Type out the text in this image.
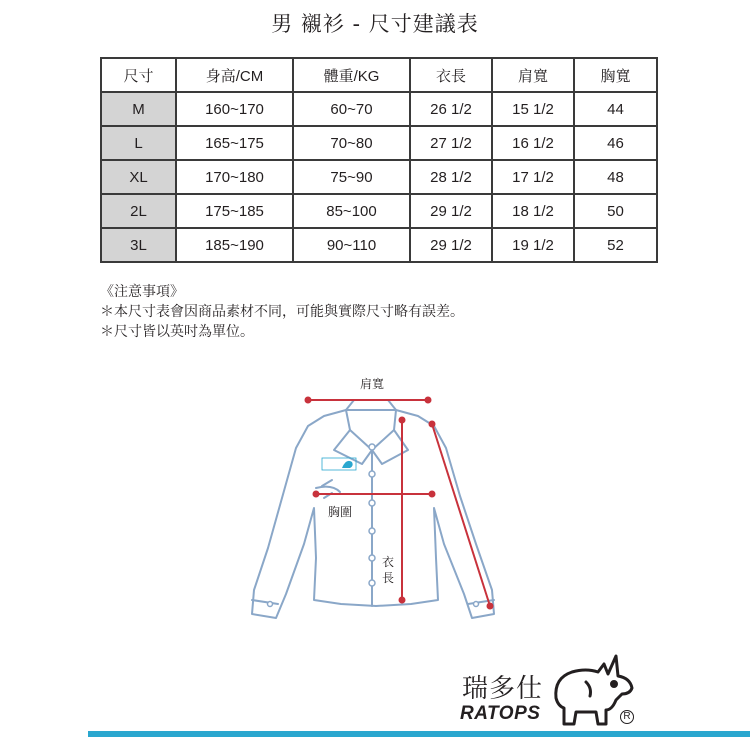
男 襯衫 - 尺寸建議表
尺寸	身高/CM	體重/KG	衣長	肩寬	胸寬
M	160~170	60~70	26 1/2	15 1/2	44
L	165~175	70~80	27 1/2	16 1/2	46
XL	170~180	75~90	28 1/2	17 1/2	48
2L	175~185	85~100	29 1/2	18 1/2	50
3L	185~190	90~110	29 1/2	19 1/2	52
《注意事項》
＊本尺寸表會因商品素材不同，可能與實際尺寸略有誤差。
＊尺寸皆以英吋為單位。
肩寬
胸圍
衣
長
瑞多仕
RATOPS	R
